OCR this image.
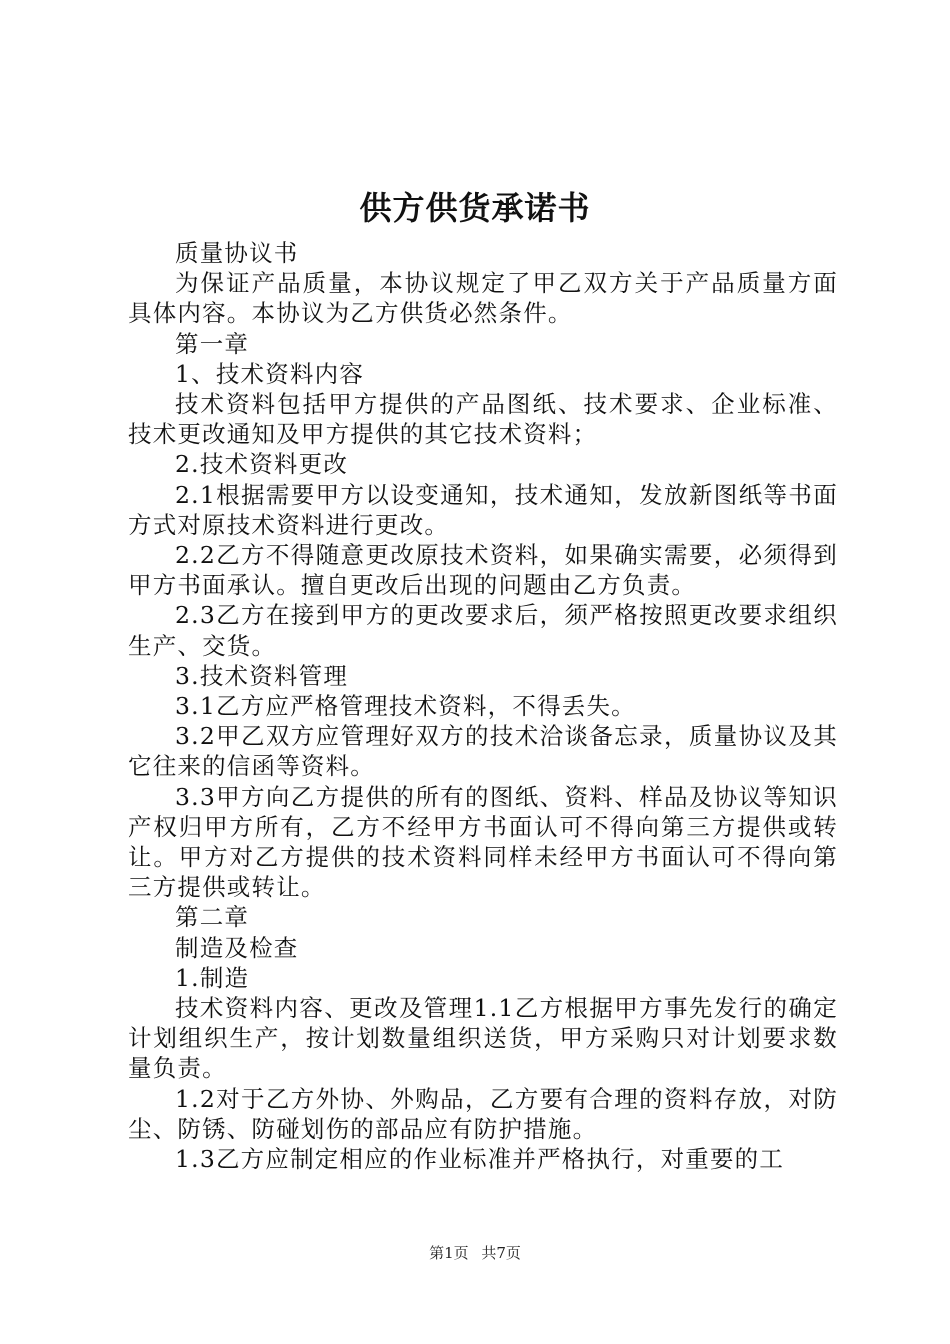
供方供货承诺书

质量协议书

为保证产品质量，本协议规定了甲乙双方关于产品质量方面具体内容。本协议为乙方供货必然条件。

第一章

1、技术资料内容

技术资料包括甲方提供的产品图纸、技术要求、企业标准、技术更改通知及甲方提供的其它技术资料；

2.技术资料更改

2.1根据需要甲方以设变通知，技术通知，发放新图纸等书面方式对原技术资料进行更改。

2.2乙方不得随意更改原技术资料，如果确实需要，必须得到甲方书面承认。擅自更改后出现的问题由乙方负责。

2.3乙方在接到甲方的更改要求后，须严格按照更改要求组织生产、交货。

3.技术资料管理

3.1乙方应严格管理技术资料，不得丢失。

3.2甲乙双方应管理好双方的技术洽谈备忘录，质量协议及其它往来的信函等资料。

3.3甲方向乙方提供的所有的图纸、资料、样品及协议等知识产权归甲方所有，乙方不经甲方书面认可不得向第三方提供或转让。甲方对乙方提供的技术资料同样未经甲方书面认可不得向第三方提供或转让。

第二章

制造及检查

1.制造

技术资料内容、更改及管理1.1乙方根据甲方事先发行的确定计划组织生产，按计划数量组织送货，甲方采购只对计划要求数量负责。

1.2对于乙方外协、外购品，乙方要有合理的资料存放，对防尘、防锈、防碰划伤的部品应有防护措施。

1.3乙方应制定相应的作业标准并严格执行，对重要的工

第1页 共7页
